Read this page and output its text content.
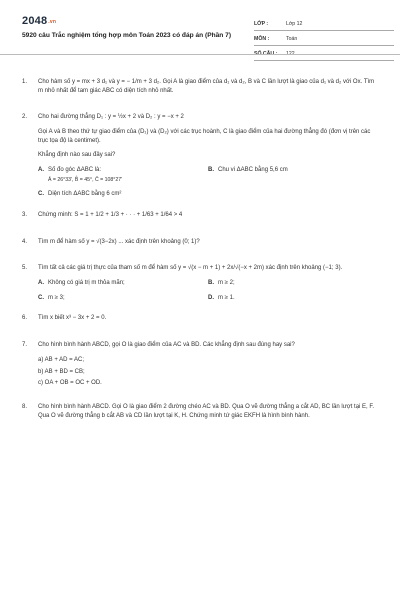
2048.vn
5920 câu Trắc nghiệm tổng hợp môn Toán 2023 có đáp án (Phần 7)
LỚP :	Lớp 12
MÔN :	Toán
SỐ CÂU :	122
1.	Cho hàm số y = mx + 3 d₁ và y = − 1/m + 3 d₂. Gọi A là giao điểm của d₁ và d₂, B và C lần lượt là giao của d₁ và d₂ với Ox. Tìm m nhỏ nhất để tam giác ABC có diện tích nhỏ nhất.

2.	Cho hai đường thẳng D₁ : y = ½x + 2 và D₂ : y = −x + 2

Gọi A và B theo thứ tự giao điểm của (D₁) và (D₂) với các trục hoành, C là giao điểm của hai đường thẳng đó (đơn vị trên các trục tọa độ là centimet).

Khẳng định nào sau đây sai?

A. Số đo góc ΔABC là:
Â = 26°33', B̂ = 45°, Ĉ = 108°27'
B. Chu vi ΔABC bằng 5,6 cm
C. Diện tích ΔABC bằng 6 cm²
3.	Chứng minh: S = 1 + 1/2 + 1/3 + · · · + 1/63 + 1/64 > 4

4.	Tìm m để hàm số y = √(3−2x) ... xác định trên khoảng (0; 1)?

5.	Tìm tất cả các giá trị thực của tham số m để hàm số y = √(x − m + 1) + 2x/√(−x + 2m) xác định trên khoảng (−1; 3).

A. Không có giá trị m thỏa mãn;	B. m ≥ 2;
C. m ≥ 3;	D. m ≥ 1.
6.	Tìm x biết x³ − 3x + 2 = 0.

7.	Cho hình bình hành ABCD, gọi O là giao điểm của AC và BD. Các khẳng định sau đúng hay sai?

a) AB + AD = AC;
b) AB + BD = CB;
c) OA + OB = OC + OD.
8.	Cho hình bình hành ABCD. Gọi O là giao điểm 2 đường chéo AC và BD. Qua O vẽ đường thẳng a cắt AD, BC lần lượt tại E, F. Qua O vẽ đường thẳng b cắt AB và CD lần lượt tại K, H. Chứng minh tứ giác EKFH là hình bình hành.
